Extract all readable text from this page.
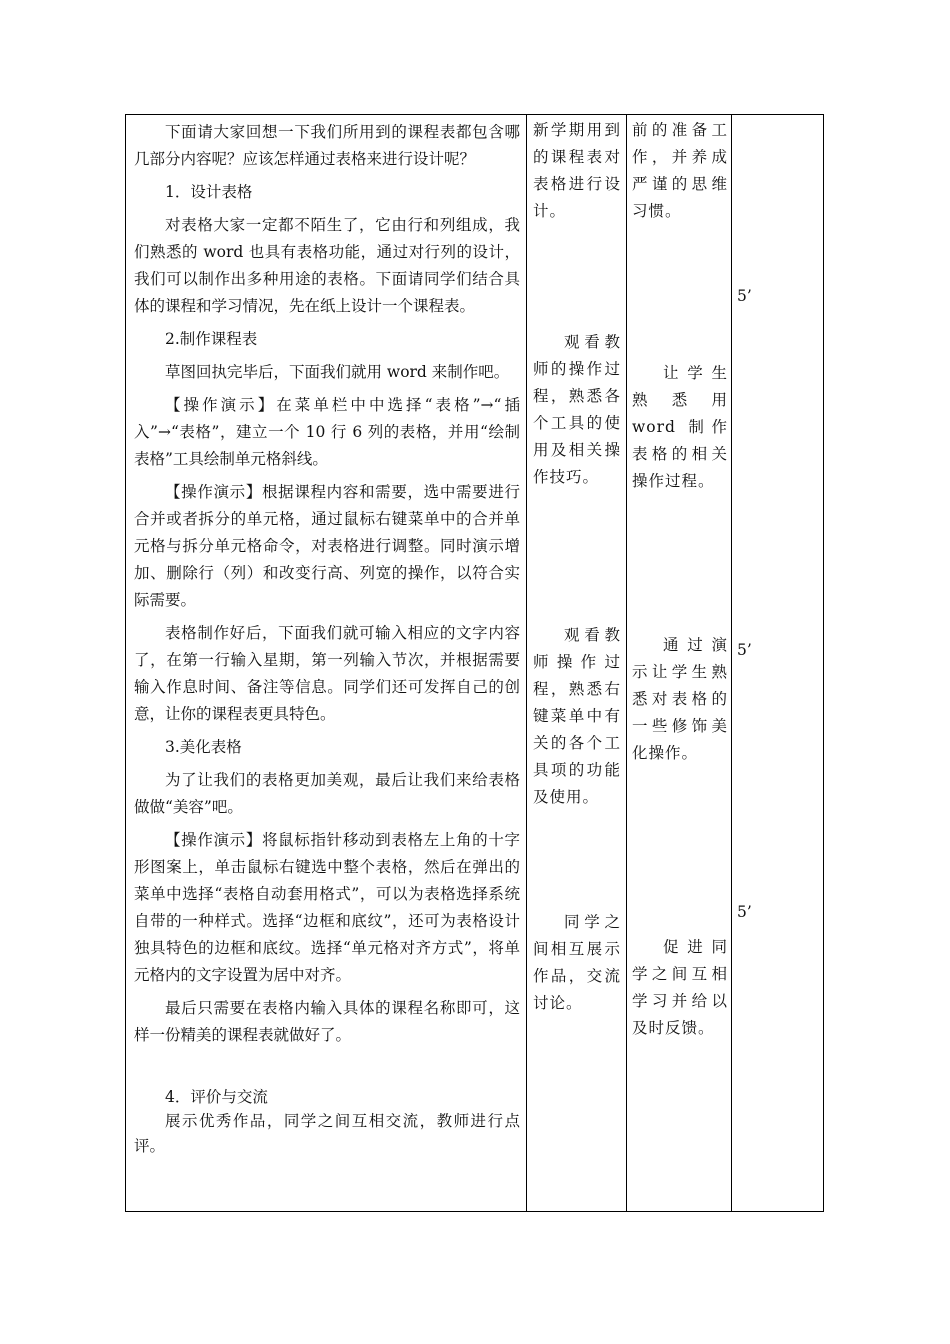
下面请大家回想一下我们所用到的课程表都包含哪几部分内容呢？应该怎样通过表格来进行设计呢？

1．设计表格

对表格大家一定都不陌生了，它由行和列组成，我们熟悉的 word 也具有表格功能，通过对行列的设计，我们可以制作出多种用途的表格。下面请同学们结合具体的课程和学习情况，先在纸上设计一个课程表。

2.制作课程表

草图回执完毕后，下面我们就用 word 来制作吧。

【操作演示】在菜单栏中中选择“表格”→“插入”→“表格”，建立一个 10 行 6 列的表格，并用“绘制表格”工具绘制单元格斜线。

【操作演示】根据课程内容和需要，选中需要进行合并或者拆分的单元格，通过鼠标右键菜单中的合并单元格与拆分单元格命令，对表格进行调整。同时演示增加、删除行（列）和改变行高、列宽的操作，以符合实际需要。

表格制作好后，下面我们就可输入相应的文字内容了，在第一行输入星期，第一列输入节次，并根据需要输入作息时间、备注等信息。同学们还可发挥自己的创意，让你的课程表更具特色。

3.美化表格

为了让我们的表格更加美观，最后让我们来给表格做做“美容”吧。

【操作演示】将鼠标指针移动到表格左上角的十字形图案上，单击鼠标右键选中整个表格，然后在弹出的菜单中选择“表格自动套用格式”，可以为表格选择系统自带的一种样式。选择“边框和底纹”，还可为表格设计独具特色的边框和底纹。选择“单元格对齐方式”，将单元格内的文字设置为居中对齐。

最后只需要在表格内输入具体的课程名称即可，这样一份精美的课程表就做好了。

4．评价与交流

展示优秀作品，同学之间互相交流，教师进行点评。

新学期用到的课程表对表格进行设计。

观看教师的操作过程，熟悉各个工具的使用及相关操作技巧。

观看教师操作过程，熟悉右键菜单中有关的各个工具项的功能及使用。

同学之间相互展示作品，交流讨论。

前的准备工作，并养成严谨的思维习惯。

让学生熟悉用 word 制作表格的相关操作过程。

通过演示让学生熟悉对表格的一些修饰美化操作。

促进同学之间互相学习并给以及时反馈。

5’

5’

5’
